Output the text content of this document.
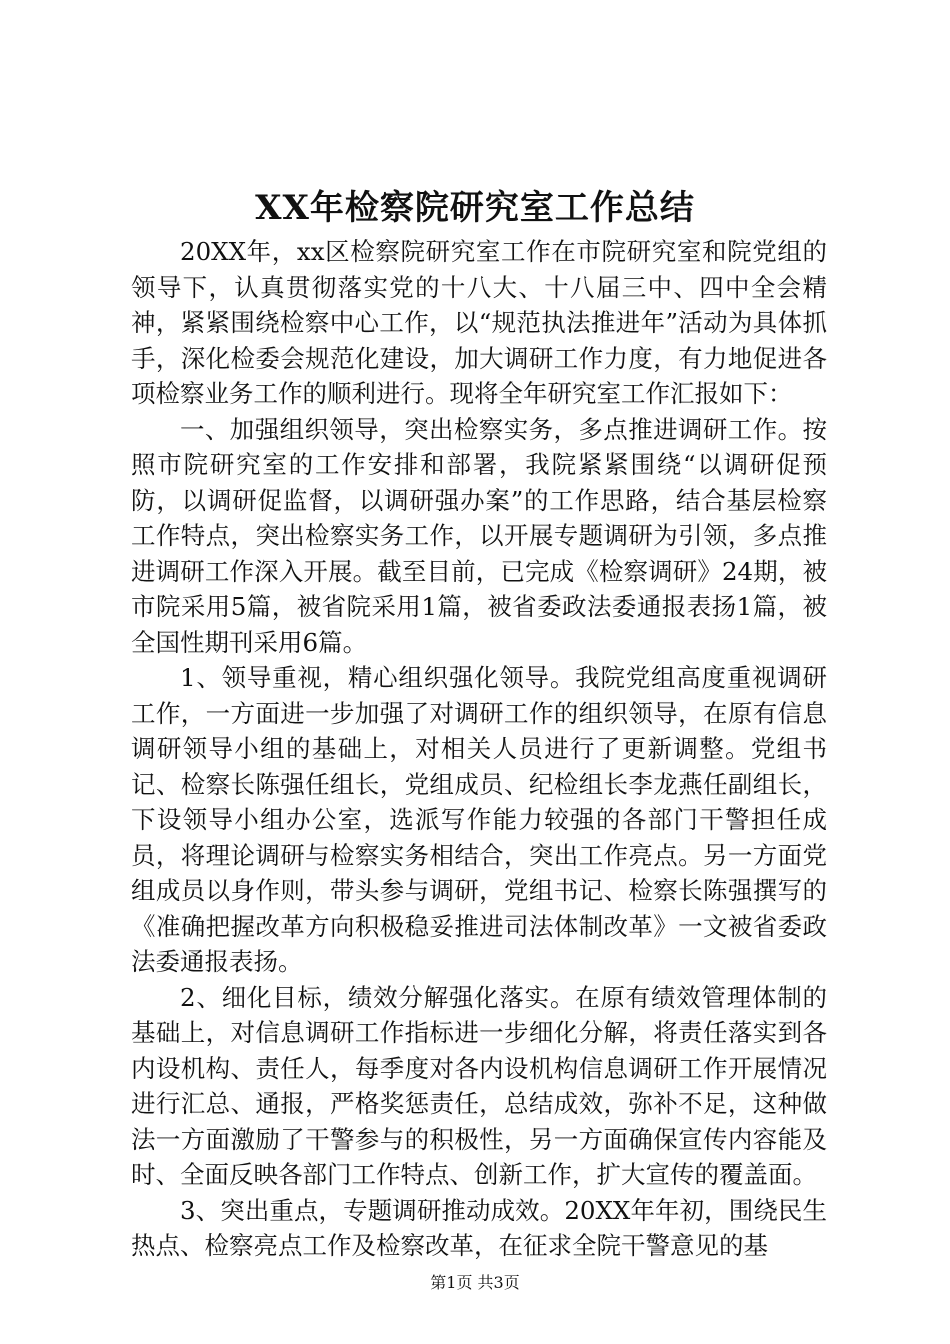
XX年检察院研究室工作总结

20XX年，xx区检察院研究室工作在市院研究室和院党组的领导下，认真贯彻落实党的十八大、十八届三中、四中全会精神，紧紧围绕检察中心工作，以“规范执法推进年”活动为具体抓手，深化检委会规范化建设，加大调研工作力度，有力地促进各项检察业务工作的顺利进行。现将全年研究室工作汇报如下：

一、加强组织领导，突出检察实务，多点推进调研工作。按照市院研究室的工作安排和部署，我院紧紧围绕“以调研促预防，以调研促监督，以调研强办案”的工作思路，结合基层检察工作特点，突出检察实务工作，以开展专题调研为引领，多点推进调研工作深入开展。截至目前，已完成《检察调研》24期，被市院采用5篇，被省院采用1篇，被省委政法委通报表扬1篇，被全国性期刊采用6篇。

1、领导重视，精心组织强化领导。我院党组高度重视调研工作，一方面进一步加强了对调研工作的组织领导，在原有信息调研领导小组的基础上，对相关人员进行了更新调整。党组书记、检察长陈强任组长，党组成员、纪检组长李龙燕任副组长，下设领导小组办公室，选派写作能力较强的各部门干警担任成员，将理论调研与检察实务相结合，突出工作亮点。另一方面党组成员以身作则，带头参与调研，党组书记、检察长陈强撰写的《准确把握改革方向积极稳妥推进司法体制改革》一文被省委政法委通报表扬。

2、细化目标，绩效分解强化落实。在原有绩效管理体制的基础上，对信息调研工作指标进一步细化分解，将责任落实到各内设机构、责任人，每季度对各内设机构信息调研工作开展情况进行汇总、通报，严格奖惩责任，总结成效，弥补不足，这种做法一方面激励了干警参与的积极性，另一方面确保宣传内容能及时、全面反映各部门工作特点、创新工作，扩大宣传的覆盖面。

3、突出重点，专题调研推动成效。20XX年年初，围绕民生热点、检察亮点工作及检察改革，在征求全院干警意见的基

第1页 共3页
